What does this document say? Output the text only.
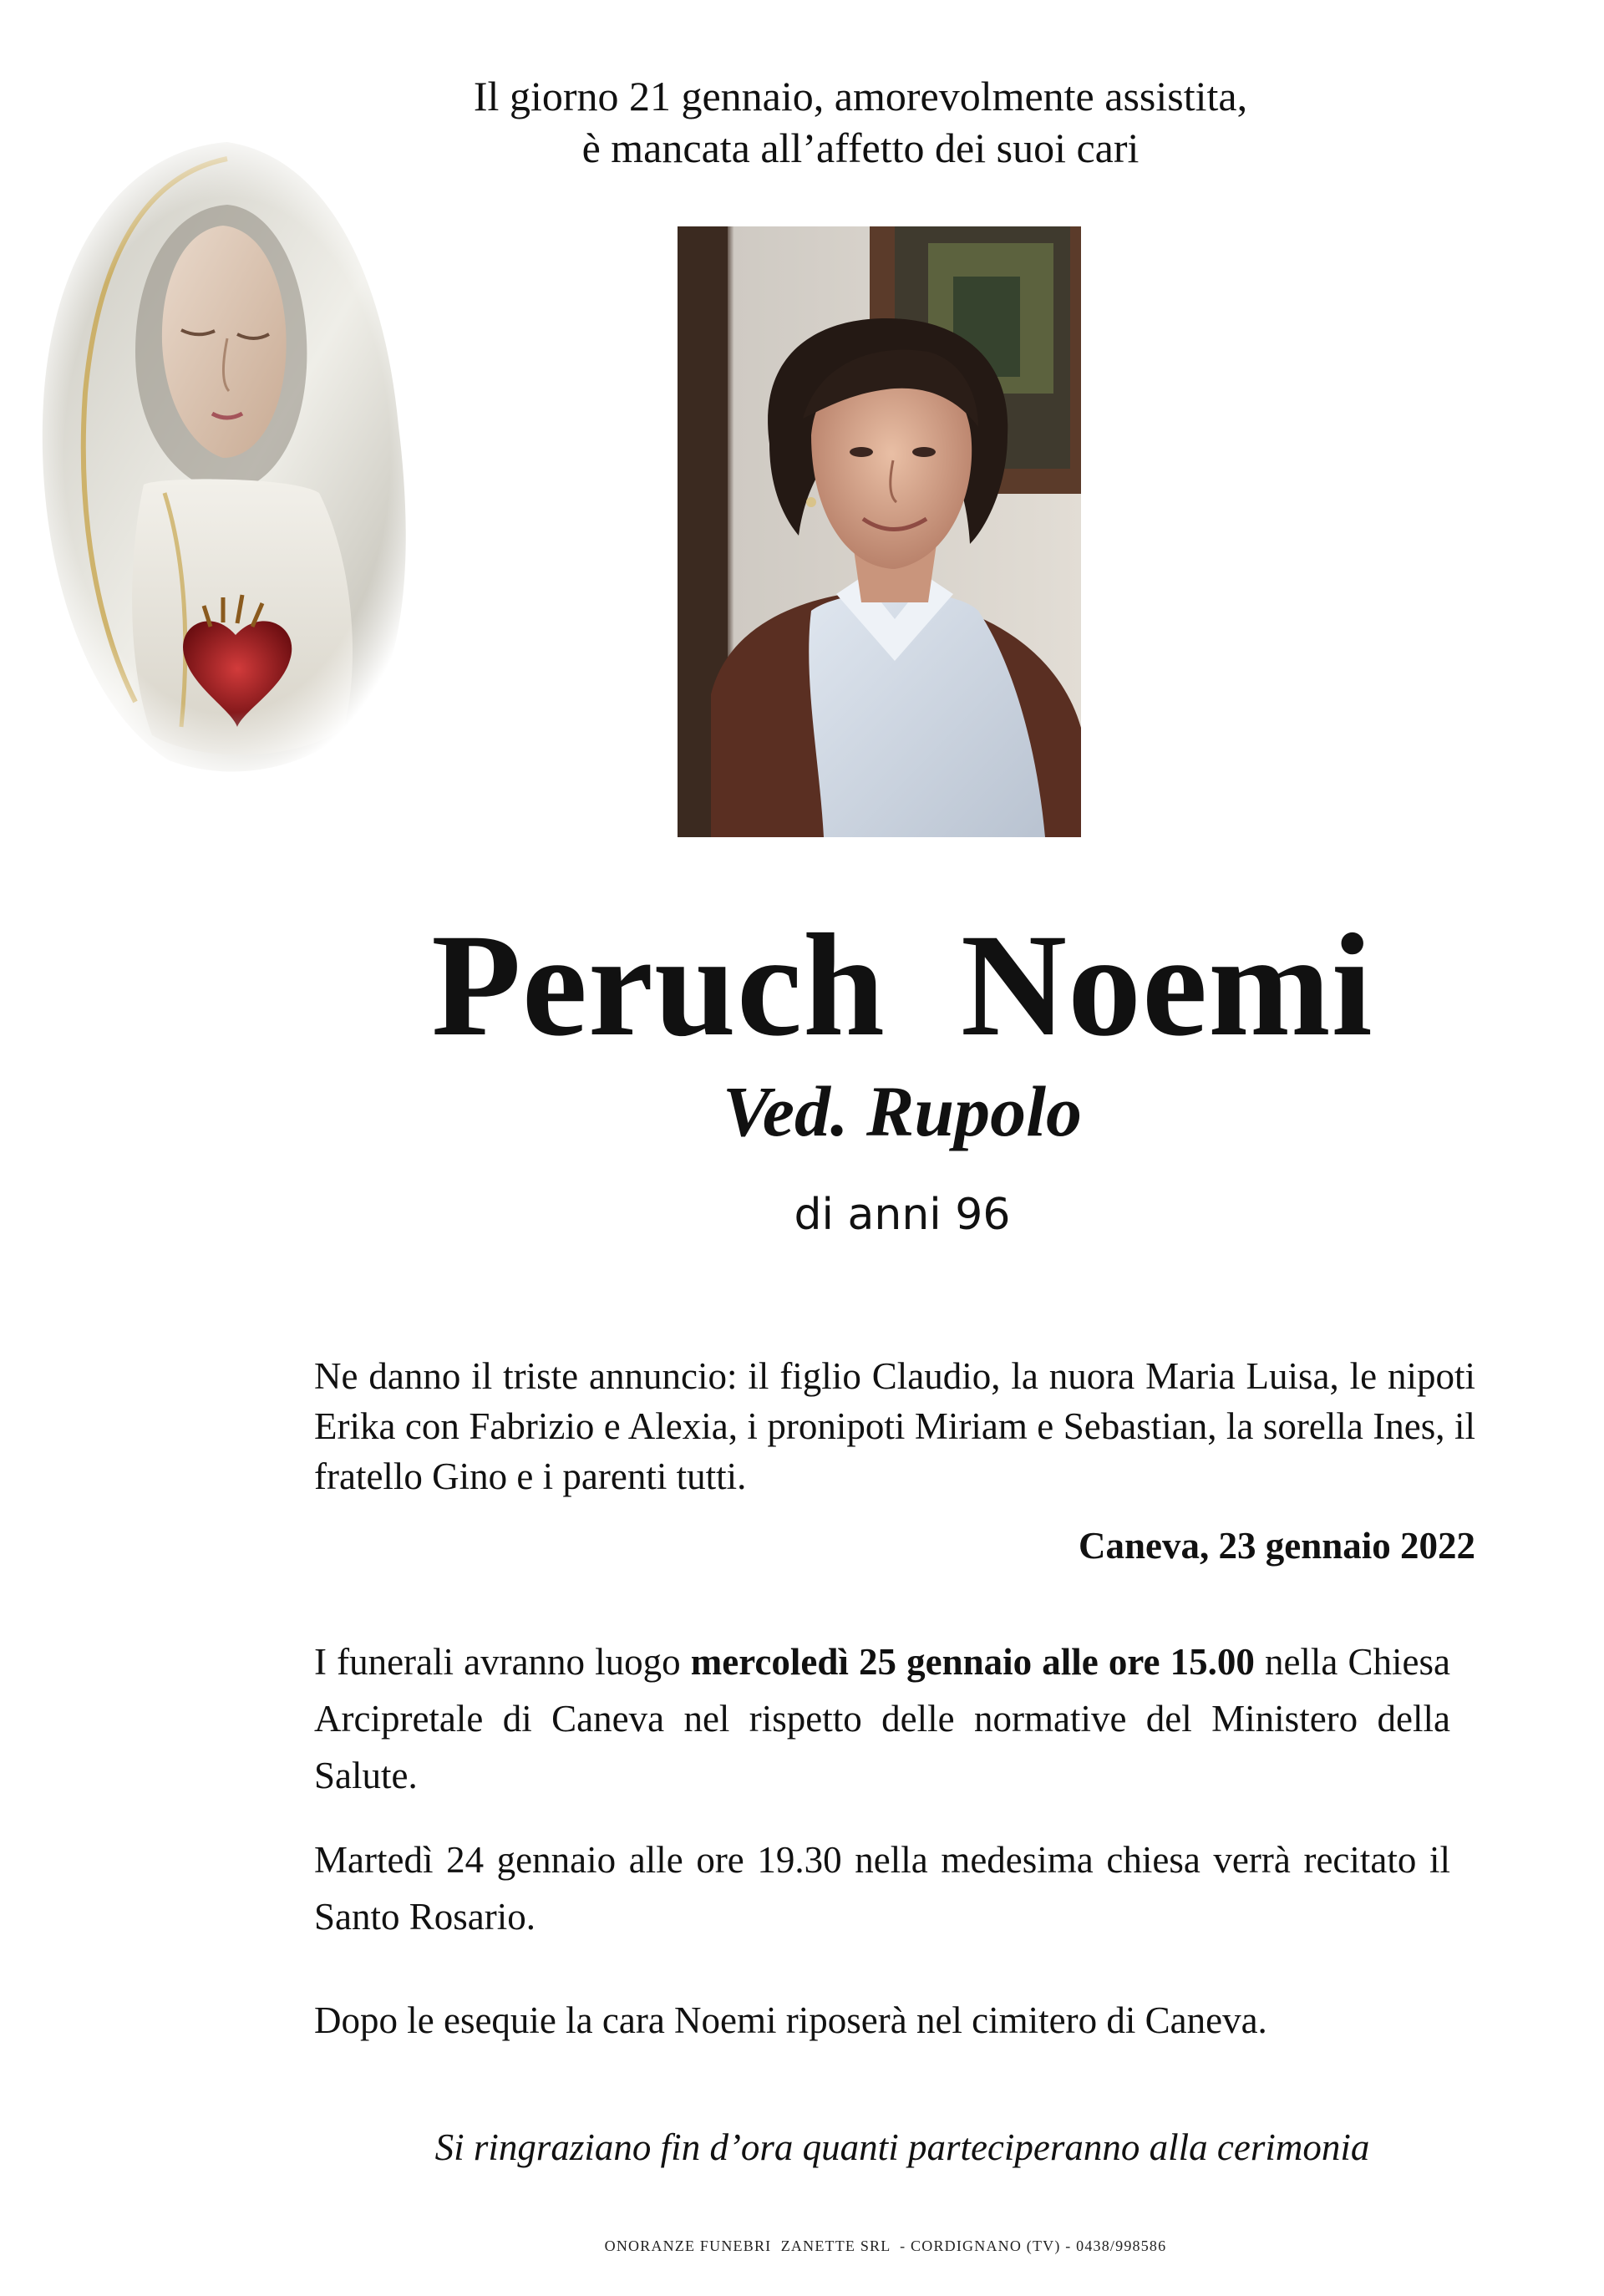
Il giorno 21 gennaio, amorevolmente assistita,
è mancata all’affetto dei suoi cari
Peruch  Noemi
Ved. Rupolo
di anni 96
Ne danno il triste annuncio: il figlio Claudio, la nuora Maria Luisa, le nipoti Erika con Fabrizio e Alexia, i pronipoti Miriam e Sebastian, la sorella Ines, il fratello Gino e i parenti tutti.
Caneva, 23 gennaio 2022
I funerali avranno luogo mercoledì 25 gennaio alle ore 15.00 nella Chiesa Arcipretale di Caneva nel rispetto delle normative del Ministero della Salute.
Martedì 24 gennaio alle ore 19.30 nella medesima chiesa verrà recitato il Santo Rosario.
Dopo le esequie la cara Noemi riposerà nel cimitero di Caneva.
Si ringraziano fin d’ora quanti parteciperanno alla cerimonia
ONORANZE FUNEBRI  ZANETTE SRL  - CORDIGNANO (TV) - 0438/998586
